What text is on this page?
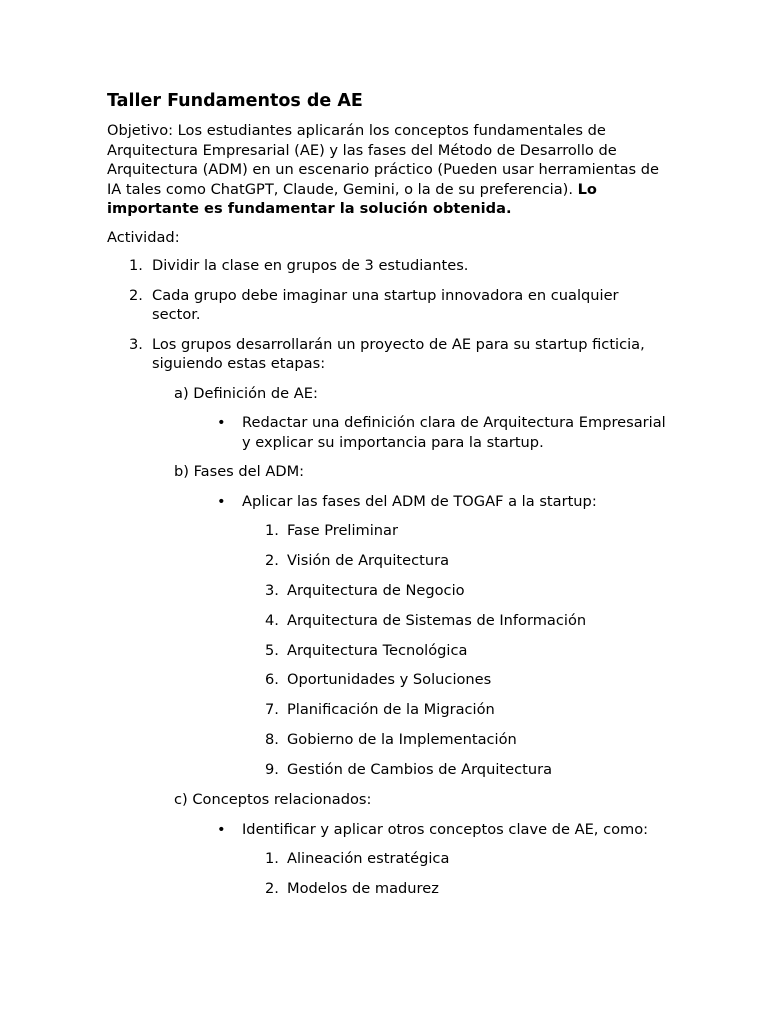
Taller Fundamentos de AE

Objetivo: Los estudiantes aplicarán los conceptos fundamentales de Arquitectura Empresarial (AE) y las fases del Método de Desarrollo de Arquitectura (ADM) en un escenario práctico (Pueden usar herramientas de IA tales como ChatGPT, Claude, Gemini, o la de su preferencia). Lo importante es fundamentar la solución obtenida.

Actividad:

1. Dividir la clase en grupos de 3 estudiantes.
2. Cada grupo debe imaginar una startup innovadora en cualquier sector.
3. Los grupos desarrollarán un proyecto de AE para su startup ficticia, siguiendo estas etapas:
a) Definición de AE:
• Redactar una definición clara de Arquitectura Empresarial y explicar su importancia para la startup.
b) Fases del ADM:
• Aplicar las fases del ADM de TOGAF a la startup:
1. Fase Preliminar
2. Visión de Arquitectura
3. Arquitectura de Negocio
4. Arquitectura de Sistemas de Información
5. Arquitectura Tecnológica
6. Oportunidades y Soluciones
7. Planificación de la Migración
8. Gobierno de la Implementación
9. Gestión de Cambios de Arquitectura
c) Conceptos relacionados:
• Identificar y aplicar otros conceptos clave de AE, como:
1. Alineación estratégica
2. Modelos de madurez
